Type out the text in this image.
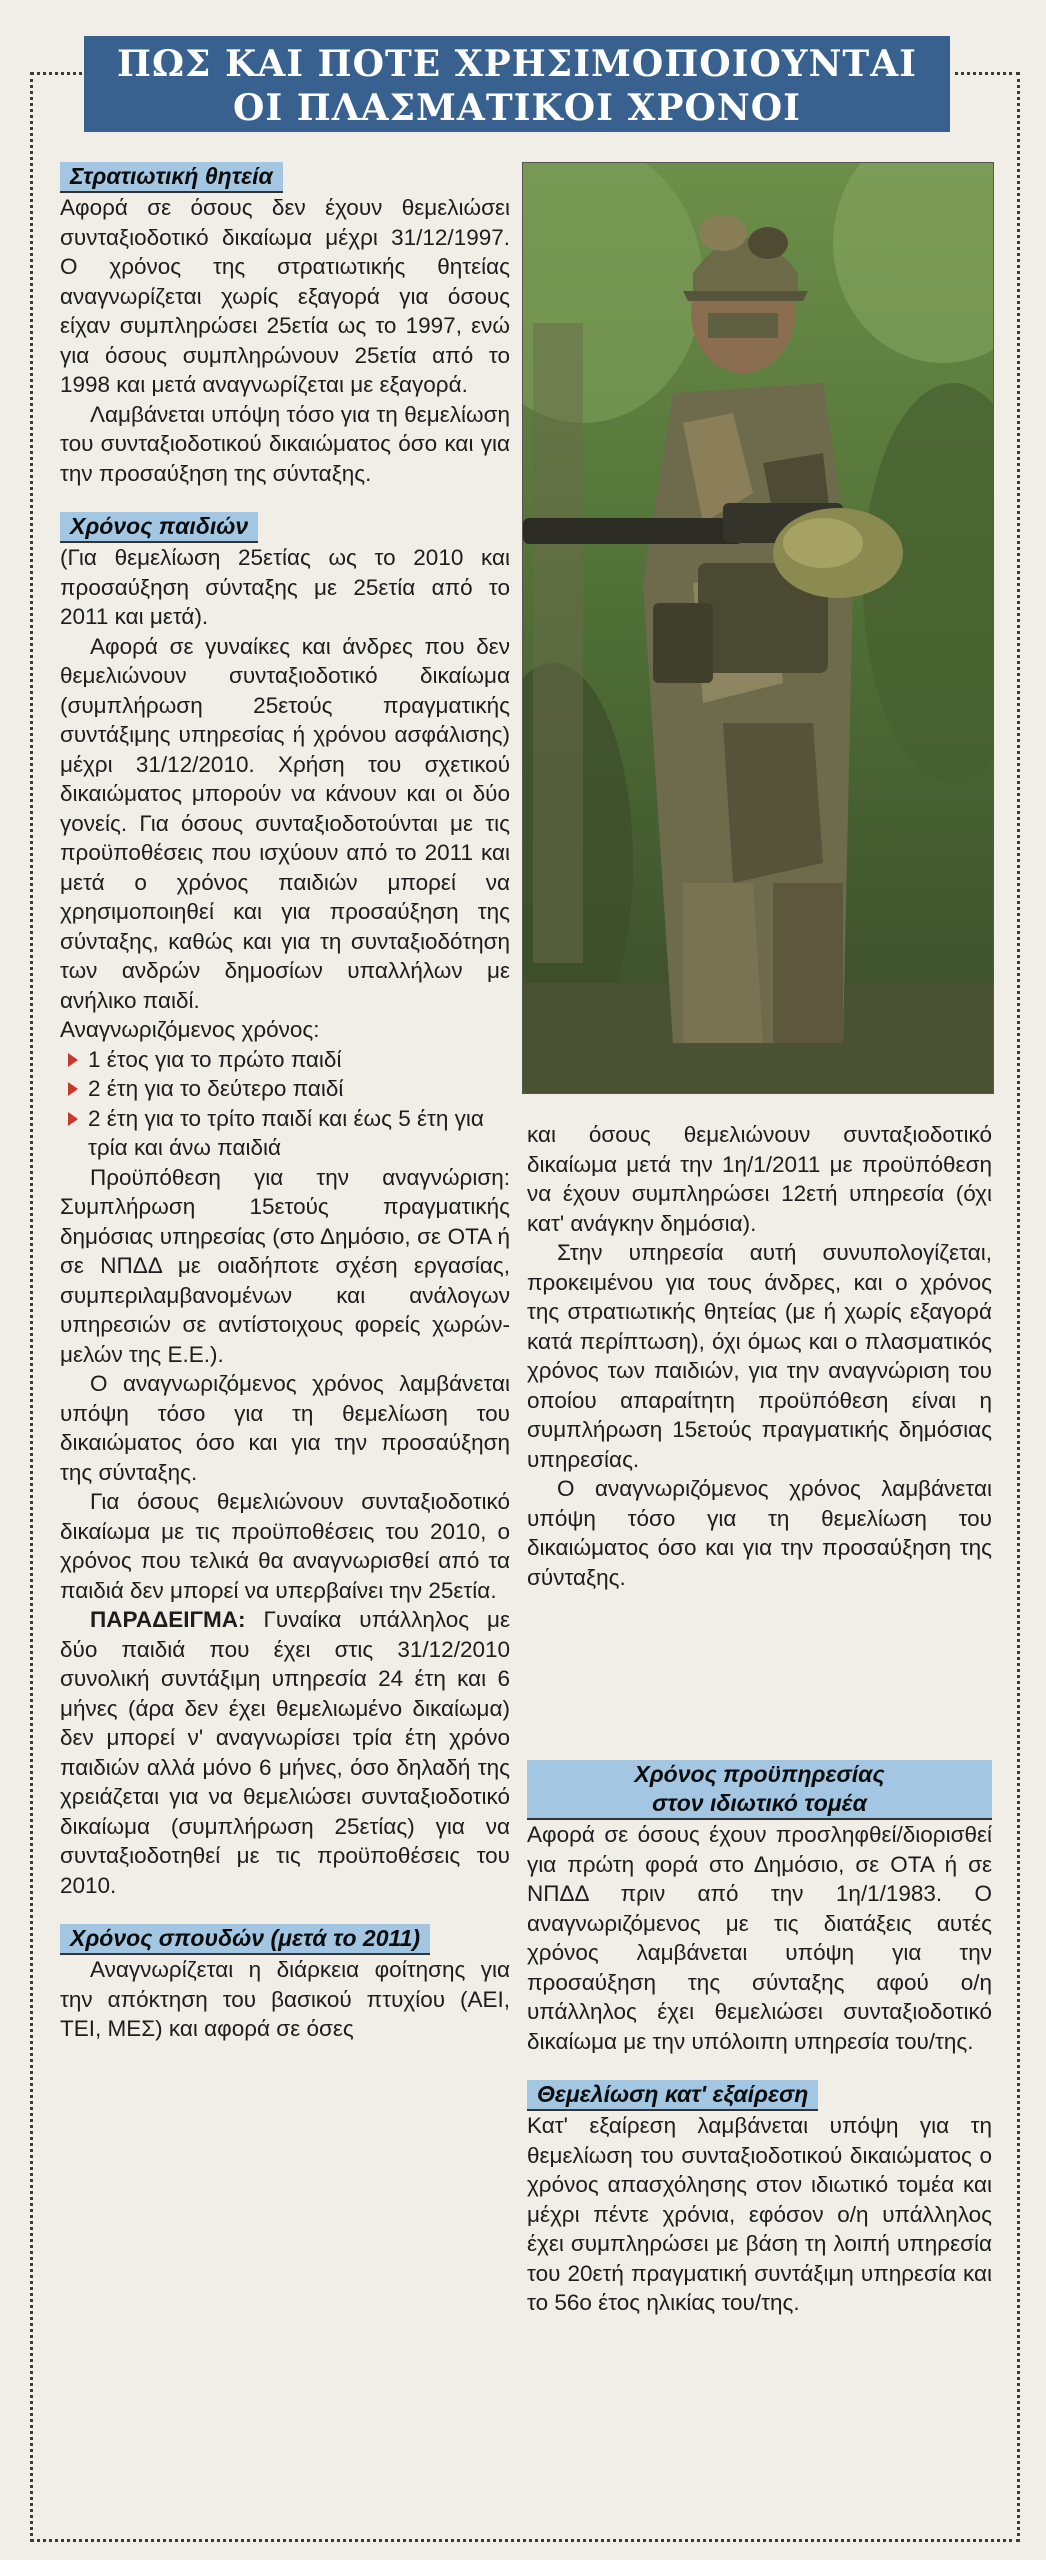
ΠΩΣ ΚΑΙ ΠΟΤΕ ΧΡΗΣΙΜΟΠΟΙΟΥΝΤΑΙ
ΟΙ ΠΛΑΣΜΑΤΙΚΟΙ ΧΡΟΝΟΙ
Στρατιωτική θητεία

Αφορά σε όσους δεν έχουν θεμελιώσει συνταξιοδοτικό δικαίωμα μέχρι 31/12/1997. Ο χρόνος της στρατιωτικής θητείας αναγνωρίζεται χωρίς εξαγορά για όσους είχαν συμπληρώσει 25ετία ως το 1997, ενώ για όσους συμπληρώνουν 25ετία από το 1998 και μετά αναγνωρίζεται με εξαγορά.

Λαμβάνεται υπόψη τόσο για τη θεμελίωση του συνταξιοδοτικού δικαιώματος όσο και για την προσαύξηση της σύνταξης.

Χρόνος παιδιών

(Για θεμελίωση 25ετίας ως το 2010 και προσαύξηση σύνταξης με 25ετία από το 2011 και μετά).

Αφορά σε γυναίκες και άνδρες που δεν θεμελιώνουν συνταξιοδοτικό δικαίωμα (συμπλήρωση 25ετούς πραγματικής συντάξιμης υπηρεσίας ή χρόνου ασφάλισης) μέχρι 31/12/2010. Χρήση του σχετικού δικαιώματος μπορούν να κάνουν και οι δύο γονείς. Για όσους συνταξιοδοτούνται με τις προϋποθέσεις που ισχύουν από το 2011 και μετά ο χρόνος παιδιών μπορεί να χρησιμοποιηθεί και για προσαύξηση της σύνταξης, καθώς και για τη συνταξιοδότηση των ανδρών δημοσίων υπαλλήλων με ανήλικο παιδί.

Αναγνωριζόμενος χρόνος:

1 έτος για το πρώτο παιδί
2 έτη για το δεύτερο παιδί
2 έτη για το τρίτο παιδί και έως 5 έτη για τρία και άνω παιδιά

Προϋπόθεση για την αναγνώριση: Συμπλήρωση 15ετούς πραγματικής δημόσιας υπηρεσίας (στο Δημόσιο, σε ΟΤΑ ή σε ΝΠΔΔ με οιαδήποτε σχέση εργασίας, συμπεριλαμβανομένων και ανάλογων υπηρεσιών σε αντίστοιχους φορείς χωρών-μελών της Ε.Ε.).

Ο αναγνωριζόμενος χρόνος λαμβάνεται υπόψη τόσο για τη θεμελίωση του δικαιώματος όσο και για την προσαύξηση της σύνταξης.

Για όσους θεμελιώνουν συνταξιοδοτικό δικαίωμα με τις προϋποθέσεις του 2010, ο χρόνος που τελικά θα αναγνωρισθεί από τα παιδιά δεν μπορεί να υπερβαίνει την 25ετία.

ΠΑΡΑΔΕΙΓΜΑ: Γυναίκα υπάλληλος με δύο παιδιά που έχει στις 31/12/2010 συνολική συντάξιμη υπηρεσία 24 έτη και 6 μήνες (άρα δεν έχει θεμελιωμένο δικαίωμα) δεν μπορεί ν' αναγνωρίσει τρία έτη χρόνο παιδιών αλλά μόνο 6 μήνες, όσο δηλαδή της χρειάζεται για να θεμελιώσει συνταξιοδοτικό δικαίωμα (συμπλήρωση 25ετίας) για να συνταξιοδοτηθεί με τις προϋποθέσεις του 2010.

Χρόνος σπουδών (μετά το 2011)

Αναγνωρίζεται η διάρκεια φοίτησης για την απόκτηση του βασικού πτυχίου (ΑΕΙ, ΤΕΙ, ΜΕΣ) και αφορά σε όσες

και όσους θεμελιώνουν συνταξιοδοτικό δικαίωμα μετά την 1η/1/2011 με προϋπόθεση να έχουν συμπληρώσει 12ετή υπηρεσία (όχι κατ' ανάγκην δημόσια).

Στην υπηρεσία αυτή συνυπολογίζεται, προκειμένου για τους άνδρες, και ο χρόνος της στρατιωτικής θητείας (με ή χωρίς εξαγορά κατά περίπτωση), όχι όμως και ο πλασματικός χρόνος των παιδιών, για την αναγνώριση του οποίου απαραίτητη προϋπόθεση είναι η συμπλήρωση 15ετούς πραγματικής δημόσιας υπηρεσίας.

Ο αναγνωριζόμενος χρόνος λαμβάνεται υπόψη τόσο για τη θεμελίωση του δικαιώματος όσο και για την προσαύξηση της σύνταξης.

Χρόνος προϋπηρεσίας
στον ιδιωτικό τομέα

Αφορά σε όσους έχουν προσληφθεί/διορισθεί για πρώτη φορά στο Δημόσιο, σε ΟΤΑ ή σε ΝΠΔΔ πριν από την 1η/1/1983. Ο αναγνωριζόμενος με τις διατάξεις αυτές χρόνος λαμβάνεται υπόψη για την προσαύξηση της σύνταξης αφού ο/η υπάλληλος έχει θεμελιώσει συνταξιοδοτικό δικαίωμα με την υπόλοιπη υπηρεσία του/της.

Θεμελίωση κατ' εξαίρεση

Κατ' εξαίρεση λαμβάνεται υπόψη για τη θεμελίωση του συνταξιοδοτικού δικαιώματος ο χρόνος απασχόλησης στον ιδιωτικό τομέα και μέχρι πέντε χρόνια, εφόσον ο/η υπάλληλος έχει συμπληρώσει με βάση τη λοιπή υπηρεσία του 20ετή πραγματική συντάξιμη υπηρεσία και το 56ο έτος ηλικίας του/της.
